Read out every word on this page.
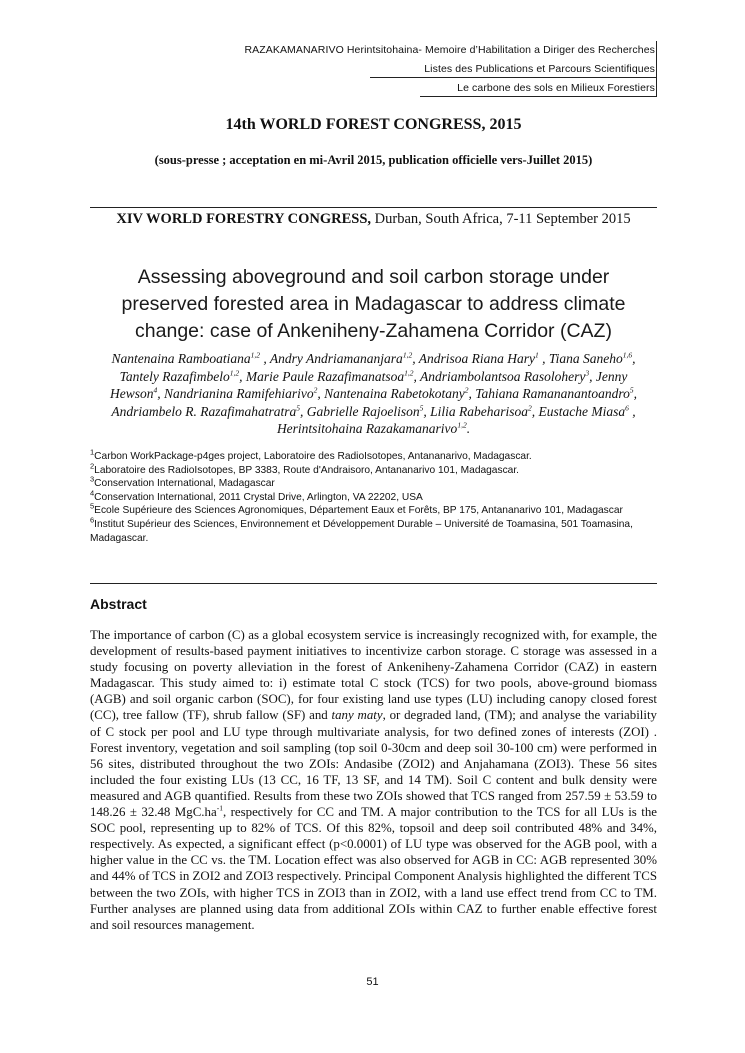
RAZAKAMANARIVO Herintsitohaina- Memoire d’Habilitation a Diriger des Recherches
Listes des Publications et Parcours Scientifiques
Le carbone des sols en Milieux Forestiers
14th WORLD FOREST CONGRESS, 2015
(sous-presse ; acceptation en mi-Avril 2015, publication officielle vers-Juillet 2015)
XIV WORLD FORESTRY CONGRESS, Durban, South Africa, 7-11 September 2015
Assessing aboveground and soil carbon storage under preserved forested area in Madagascar to address climate change: case of Ankeniheny-Zahamena Corridor (CAZ)
Nantenaina Ramboatiana$^{1,2}$ , Andry Andriamananjara$^{1,2}$, Andrisoa Riana Hary$^1$ , Tiana Saneho$^{1,6}$, Tantely Razafimbelo$^{1,2}$, Marie Paule Razafimanatsoa$^{1,2}$, Andriambolantsoa Rasolohery$^3$, Jenny Hewson$^4$, Nandrianina Ramifehiarivo$^2$, Nantenaina Rabetokotany$^2$, Tahiana Ramananantoandro$^5$, Andriambelo R. Razafimahatratra$^5$, Gabrielle Rajoelison$^5$, Lilia Rabeharisoa$^2$, Eustache Miasa$^6$ , Herintsitohaina Razakamanarivo$^{1,2}$.
$^1$Carbon WorkPackage-p4ges project, Laboratoire des RadioIsotopes, Antananarivo, Madagascar.
$^2$Laboratoire des RadioIsotopes, BP 3383, Route d'Andraisoro, Antananarivo 101, Madagascar.
$^3$Conservation International, Madagascar
$^4$Conservation International, 2011 Crystal Drive, Arlington, VA 22202, USA
$^5$Ecole Supérieure des Sciences Agronomiques, Département Eaux et Forêts, BP 175, Antananarivo 101, Madagascar
$^6$Institut Supérieur des Sciences, Environnement et Développement Durable – Université de Toamasina, 501 Toamasina, Madagascar.
Abstract
The importance of carbon (C) as a global ecosystem service is increasingly recognized with, for example, the development of results-based payment initiatives to incentivize carbon storage. C storage was assessed in a study focusing on poverty alleviation in the forest of Ankeniheny-Zahamena Corridor (CAZ) in eastern Madagascar. This study aimed to: i) estimate total C stock (TCS) for two pools, above-ground biomass (AGB) and soil organic carbon (SOC), for four existing land use types (LU) including canopy closed forest (CC), tree fallow (TF), shrub fallow (SF) and tany maty, or degraded land, (TM); and analyse the variability of C stock per pool and LU type through multivariate analysis, for two defined zones of interests (ZOI) . Forest inventory, vegetation and soil sampling (top soil 0-30cm and deep soil 30-100 cm) were performed in 56 sites, distributed throughout the two ZOIs: Andasibe (ZOI2) and Anjahamana (ZOI3). These 56 sites included the four existing LUs (13 CC, 16 TF, 13 SF, and 14 TM). Soil C content and bulk density were measured and AGB quantified. Results from these two ZOIs showed that TCS ranged from 257.59 ± 53.59 to 148.26 ± 32.48 $MgC.ha^{-1}$, respectively for CC and TM. A major contribution to the TCS for all LUs is the SOC pool, representing up to 82% of TCS. Of this 82%, topsoil and deep soil contributed 48% and 34%, respectively. As expected, a significant effect (p<0.0001) of LU type was observed for the AGB pool, with a higher value in the CC vs. the TM. Location effect was also observed for AGB in CC: AGB represented 30% and 44% of TCS in ZOI2 and ZOI3 respectively. Principal Component Analysis highlighted the different TCS between the two ZOIs, with higher TCS in ZOI3 than in ZOI2, with a land use effect trend from CC to TM. Further analyses are planned using data from additional ZOIs within CAZ to further enable effective forest and soil resources management.
51
